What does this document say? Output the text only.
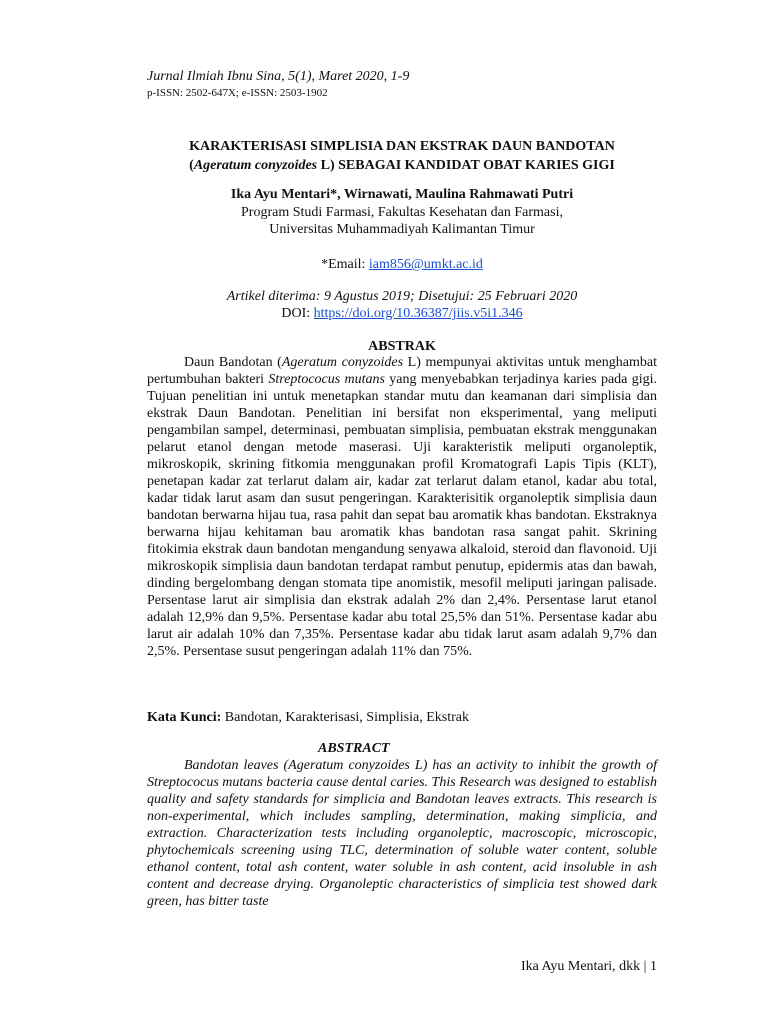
Jurnal Ilmiah Ibnu Sina, 5(1), Maret 2020, 1-9
p-ISSN: 2502-647X; e-ISSN: 2503-1902
KARAKTERISASI SIMPLISIA DAN EKSTRAK DAUN BANDOTAN
(Ageratum conyzoides L) SEBAGAI KANDIDAT OBAT KARIES GIGI
Ika Ayu Mentari*, Wirnawati, Maulina Rahmawati Putri
Program Studi Farmasi, Fakultas Kesehatan dan Farmasi,
Universitas Muhammadiyah Kalimantan Timur
*Email: iam856@umkt.ac.id
Artikel diterima: 9 Agustus 2019; Disetujui: 25 Februari 2020
DOI: https://doi.org/10.36387/jiis.v5i1.346
ABSTRAK

Daun Bandotan (Ageratum conyzoides L) mempunyai aktivitas untuk menghambat pertumbuhan bakteri Streptococus mutans yang menyebabkan terjadinya karies pada gigi. Tujuan penelitian ini untuk menetapkan standar mutu dan keamanan dari simplisia dan ekstrak Daun Bandotan. Penelitian ini bersifat non eksperimental, yang meliputi pengambilan sampel, determinasi, pembuatan simplisia, pembuatan ekstrak menggunakan pelarut etanol dengan metode maserasi. Uji karakteristik meliputi organoleptik, mikroskopik, skrining fitkomia menggunakan profil Kromatografi Lapis Tipis (KLT), penetapan kadar zat terlarut dalam air, kadar zat terlarut dalam etanol, kadar abu total, kadar tidak larut asam dan susut pengeringan. Karakterisitik organoleptik simplisia daun bandotan berwarna hijau tua, rasa pahit dan sepat bau aromatik khas bandotan. Ekstraknya berwarna hijau kehitaman bau aromatik khas bandotan rasa sangat pahit. Skrining fitokimia ekstrak daun bandotan mengandung senyawa alkaloid, steroid dan flavonoid. Uji mikroskopik simplisia daun bandotan terdapat rambut penutup, epidermis atas dan bawah, dinding bergelombang dengan stomata tipe anomistik, mesofil meliputi jaringan palisade. Persentase larut air simplisia dan ekstrak adalah 2% dan 2,4%. Persentase larut etanol adalah 12,9% dan 9,5%. Persentase kadar abu total 25,5% dan 51%. Persentase kadar abu larut air adalah 10% dan 7,35%. Persentase kadar abu tidak larut asam adalah 9,7% dan 2,5%. Persentase susut pengeringan adalah 11% dan 75%.

Kata Kunci: Bandotan, Karakterisasi, Simplisia, Ekstrak
ABSTRACT

Bandotan leaves (Ageratum conyzoides L) has an activity to inhibit the growth of Streptococus mutans bacteria cause dental caries. This Research was designed to establish quality and safety standards for simplicia and Bandotan leaves extracts. This research is non-experimental, which includes sampling, determination, making simplicia, and extraction. Characterization tests including organoleptic, macroscopic, microscopic, phytochemicals screening using TLC, determination of soluble water content, soluble ethanol content, total ash content, water soluble in ash content, acid insoluble in ash content and decrease drying. Organoleptic characteristics of simplicia test showed dark green, has bitter taste

Ika Ayu Mentari, dkk | 1
